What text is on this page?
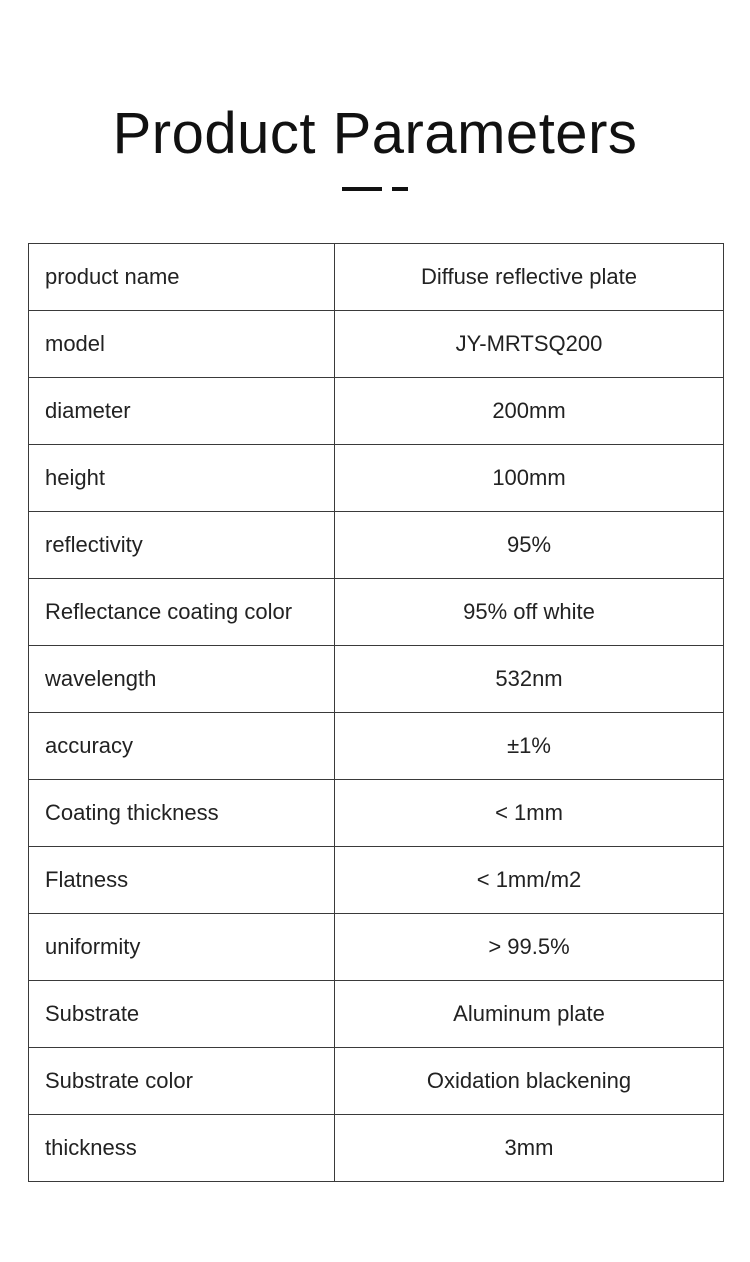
Product Parameters
product name	Diffuse reflective plate
model	JY-MRTSQ200
diameter	200mm
height	100mm
reflectivity	95%
Reflectance coating color	95% off white
wavelength	532nm
accuracy	±1%
Coating thickness	< 1mm
Flatness	< 1mm/m2
uniformity	> 99.5%
Substrate	Aluminum plate
Substrate color	Oxidation blackening
thickness	3mm
